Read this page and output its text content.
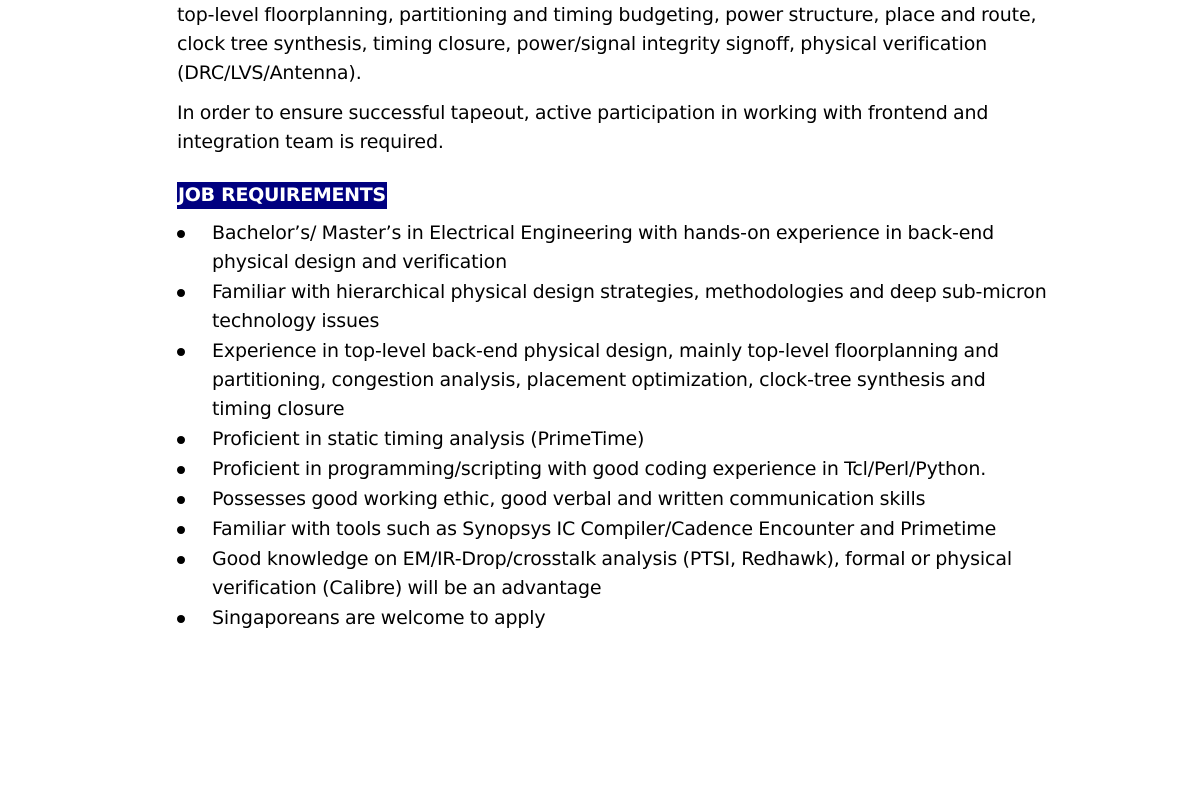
top-level floorplanning, partitioning and timing budgeting, power structure, place and route, clock tree synthesis, timing closure, power/signal integrity signoff, physical verification (DRC/LVS/Antenna).

In order to ensure successful tapeout, active participation in working with frontend and integration team is required.

JOB REQUIREMENTS
Bachelor’s/ Master’s in Electrical Engineering with hands-on experience in back-end physical design and verification
Familiar with hierarchical physical design strategies, methodologies and deep sub-micron technology issues
Experience in top-level back-end physical design, mainly top-level floorplanning and partitioning, congestion analysis, placement optimization, clock-tree synthesis and timing closure
Proficient in static timing analysis (PrimeTime)
Proficient in programming/scripting with good coding experience in Tcl/Perl/Python.
Possesses good working ethic, good verbal and written communication skills
Familiar with tools such as Synopsys IC Compiler/Cadence Encounter and Primetime
Good knowledge on EM/IR-Drop/crosstalk analysis (PTSI, Redhawk), formal or physical verification (Calibre) will be an advantage
Singaporeans are welcome to apply
